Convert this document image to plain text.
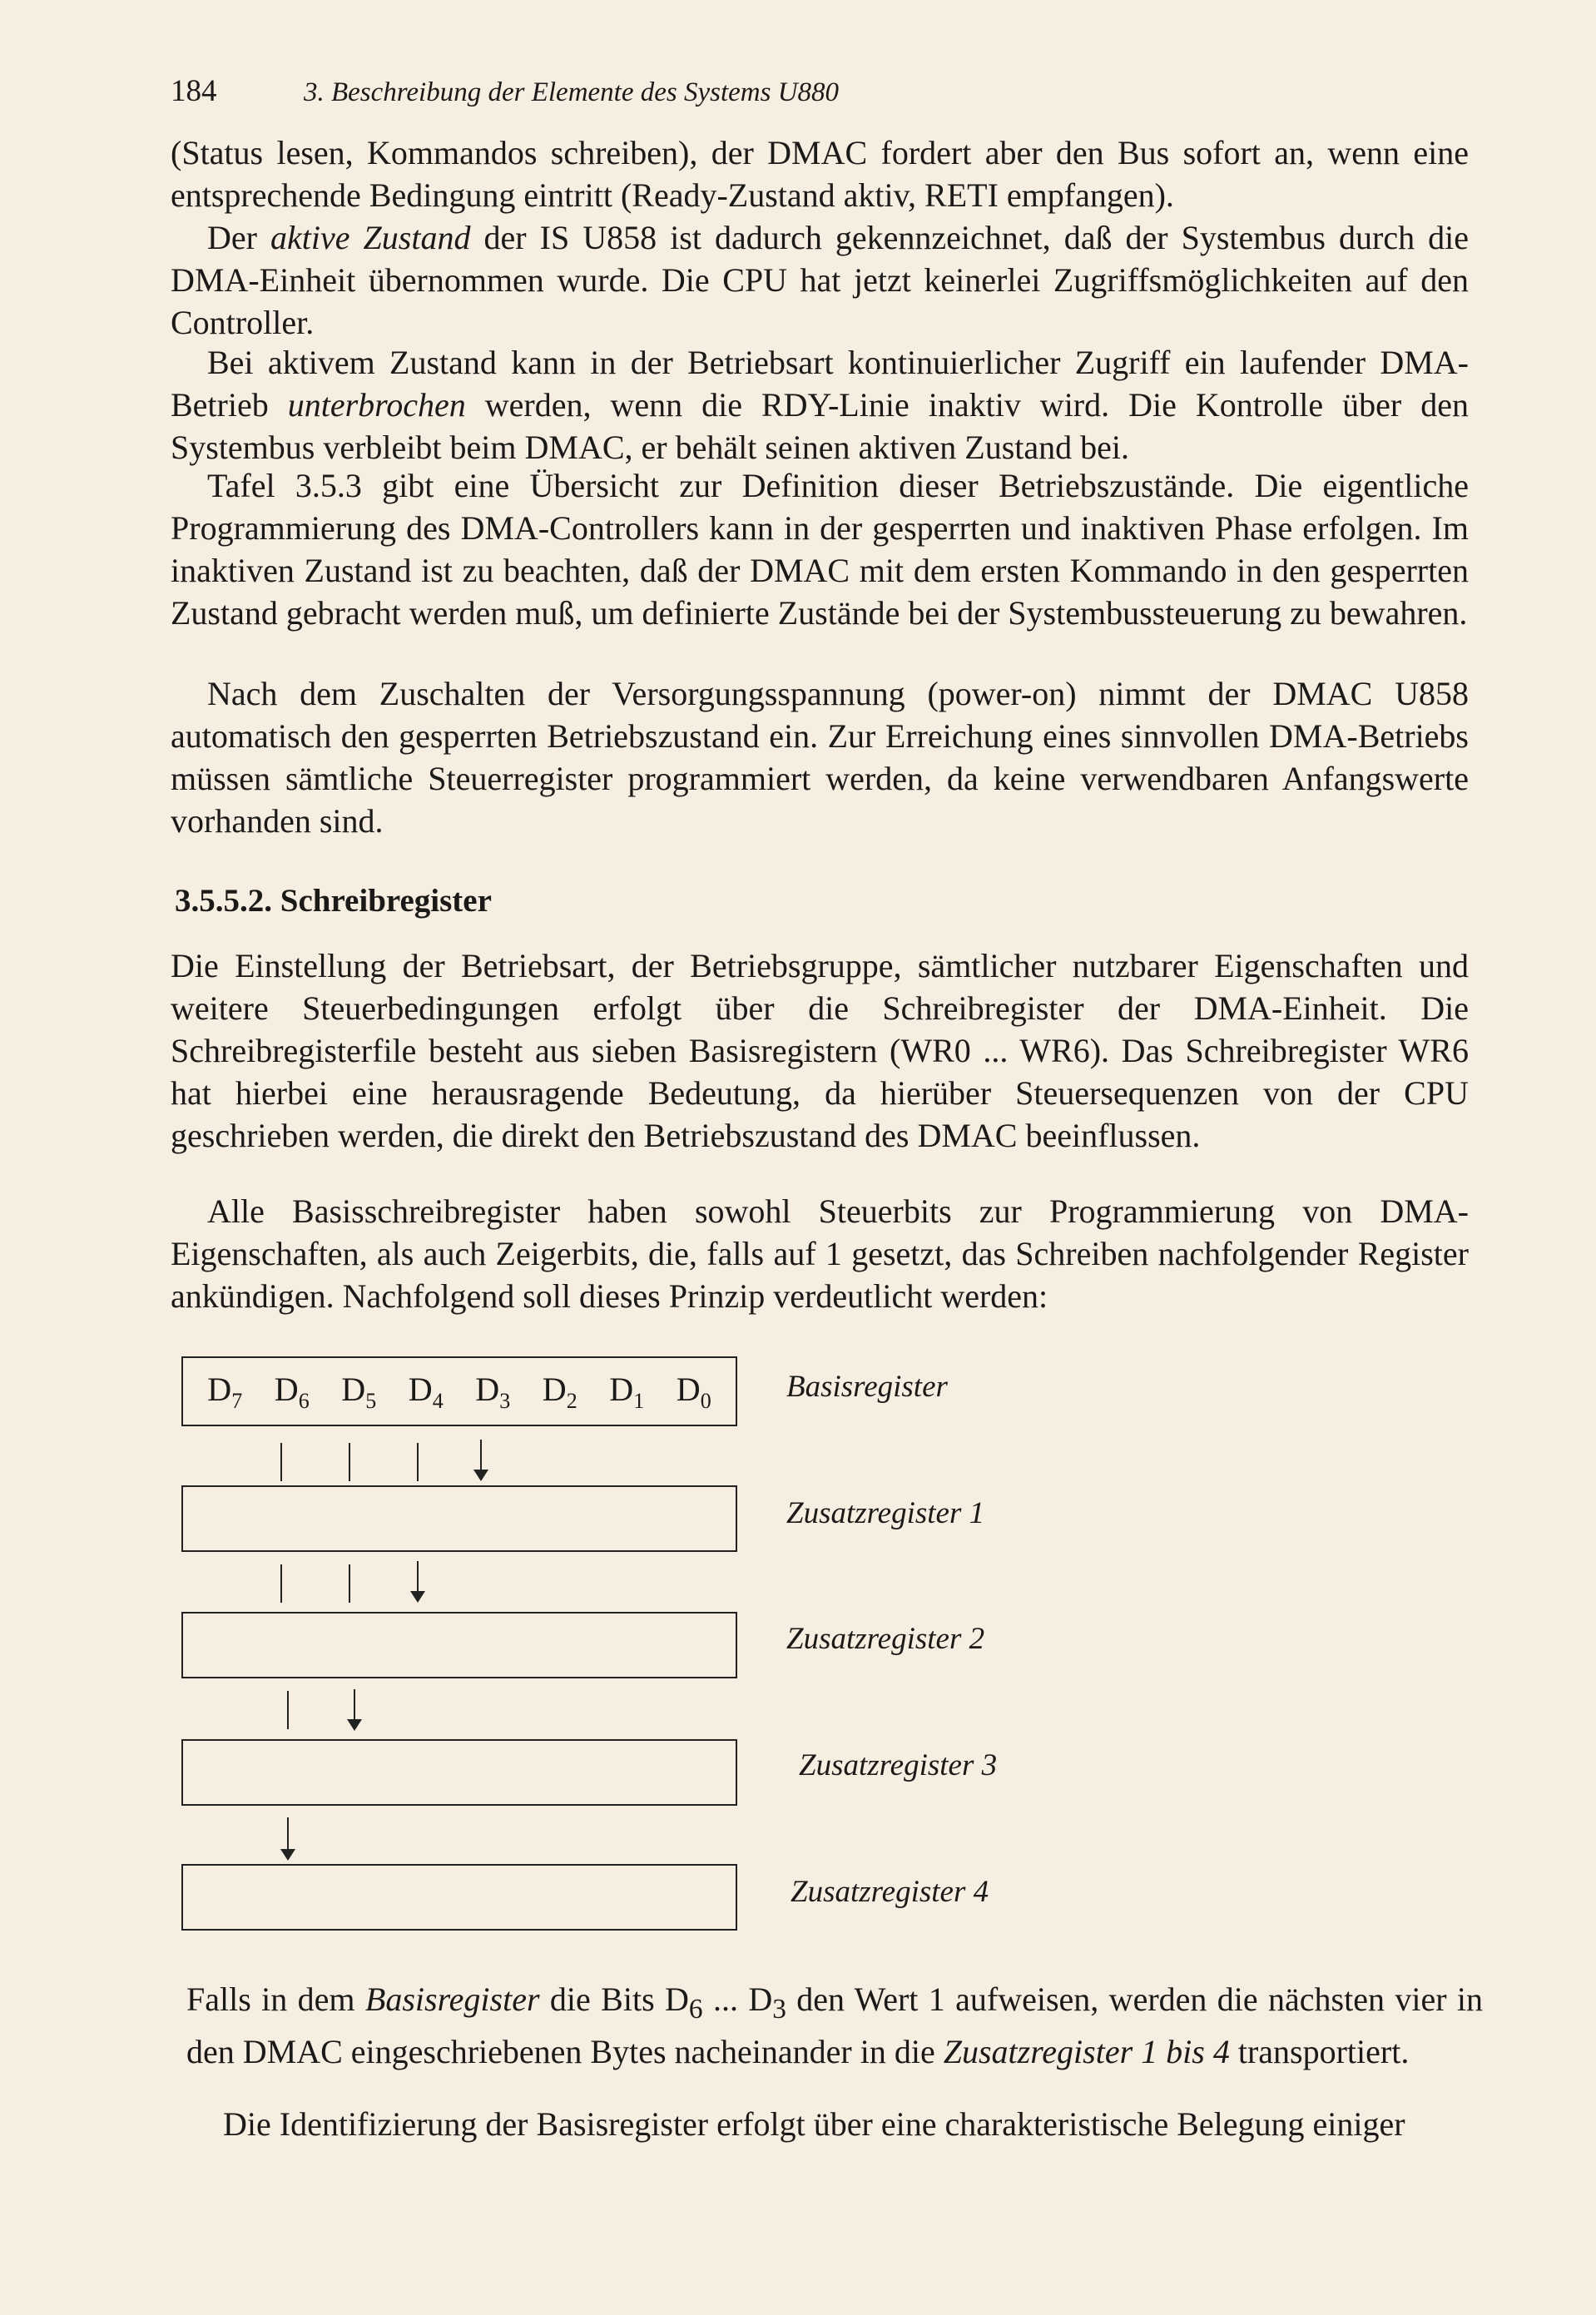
184	3. Beschreibung der Elemente des Systems U880

(Status lesen, Kommandos schreiben), der DMAC fordert aber den Bus sofort an, wenn eine entsprechende Bedingung eintritt (Ready-Zustand aktiv, RETI empfangen).

Der aktive Zustand der IS U858 ist dadurch gekennzeichnet, daß der Systembus durch die DMA-Einheit übernommen wurde. Die CPU hat jetzt keinerlei Zugriffsmöglichkeiten auf den Controller.

Bei aktivem Zustand kann in der Betriebsart kontinuierlicher Zugriff ein laufender DMA-Betrieb unterbrochen werden, wenn die RDY-Linie inaktiv wird. Die Kontrolle über den Systembus verbleibt beim DMAC, er behält seinen aktiven Zustand bei.

Tafel 3.5.3 gibt eine Übersicht zur Definition dieser Betriebszustände. Die eigentliche Programmierung des DMA-Controllers kann in der gesperrten und inaktiven Phase erfolgen. Im inaktiven Zustand ist zu beachten, daß der DMAC mit dem ersten Kommando in den gesperrten Zustand gebracht werden muß, um definierte Zustände bei der Systembussteuerung zu bewahren.

Nach dem Zuschalten der Versorgungsspannung (power-on) nimmt der DMAC U858 automatisch den gesperrten Betriebszustand ein. Zur Erreichung eines sinnvollen DMA-Betriebs müssen sämtliche Steuerregister programmiert werden, da keine verwendbaren Anfangswerte vorhanden sind.

3.5.5.2. Schreibregister

Die Einstellung der Betriebsart, der Betriebsgruppe, sämtlicher nutzbarer Eigenschaften und weitere Steuerbedingungen erfolgt über die Schreibregister der DMA-Einheit. Die Schreibregisterfile besteht aus sieben Basisregistern (WR0 ... WR6). Das Schreibregister WR6 hat hierbei eine herausragende Bedeutung, da hierüber Steuersequenzen von der CPU geschrieben werden, die direkt den Betriebszustand des DMAC beeinflussen.

Alle Basisschreibregister haben sowohl Steuerbits zur Programmierung von DMA-Eigenschaften, als auch Zeigerbits, die, falls auf 1 gesetzt, das Schreiben nachfolgender Register ankündigen. Nachfolgend soll dieses Prinzip verdeutlicht werden:

$D_7$ $D_6$ $D_5$ $D_4$ $D_3$ $D_2$ $D_1$ $D_0$ Basisregister
Zusatzregister 1
Zusatzregister 2
Zusatzregister 3
Zusatzregister 4

Falls in dem Basisregister die Bits $D_6$ ... $D_3$ den Wert 1 aufweisen, werden die nächsten vier in den DMAC eingeschriebenen Bytes nacheinander in die Zusatzregister 1 bis 4 transportiert.

Die Identifizierung der Basisregister erfolgt über eine charakteristische Belegung einiger
